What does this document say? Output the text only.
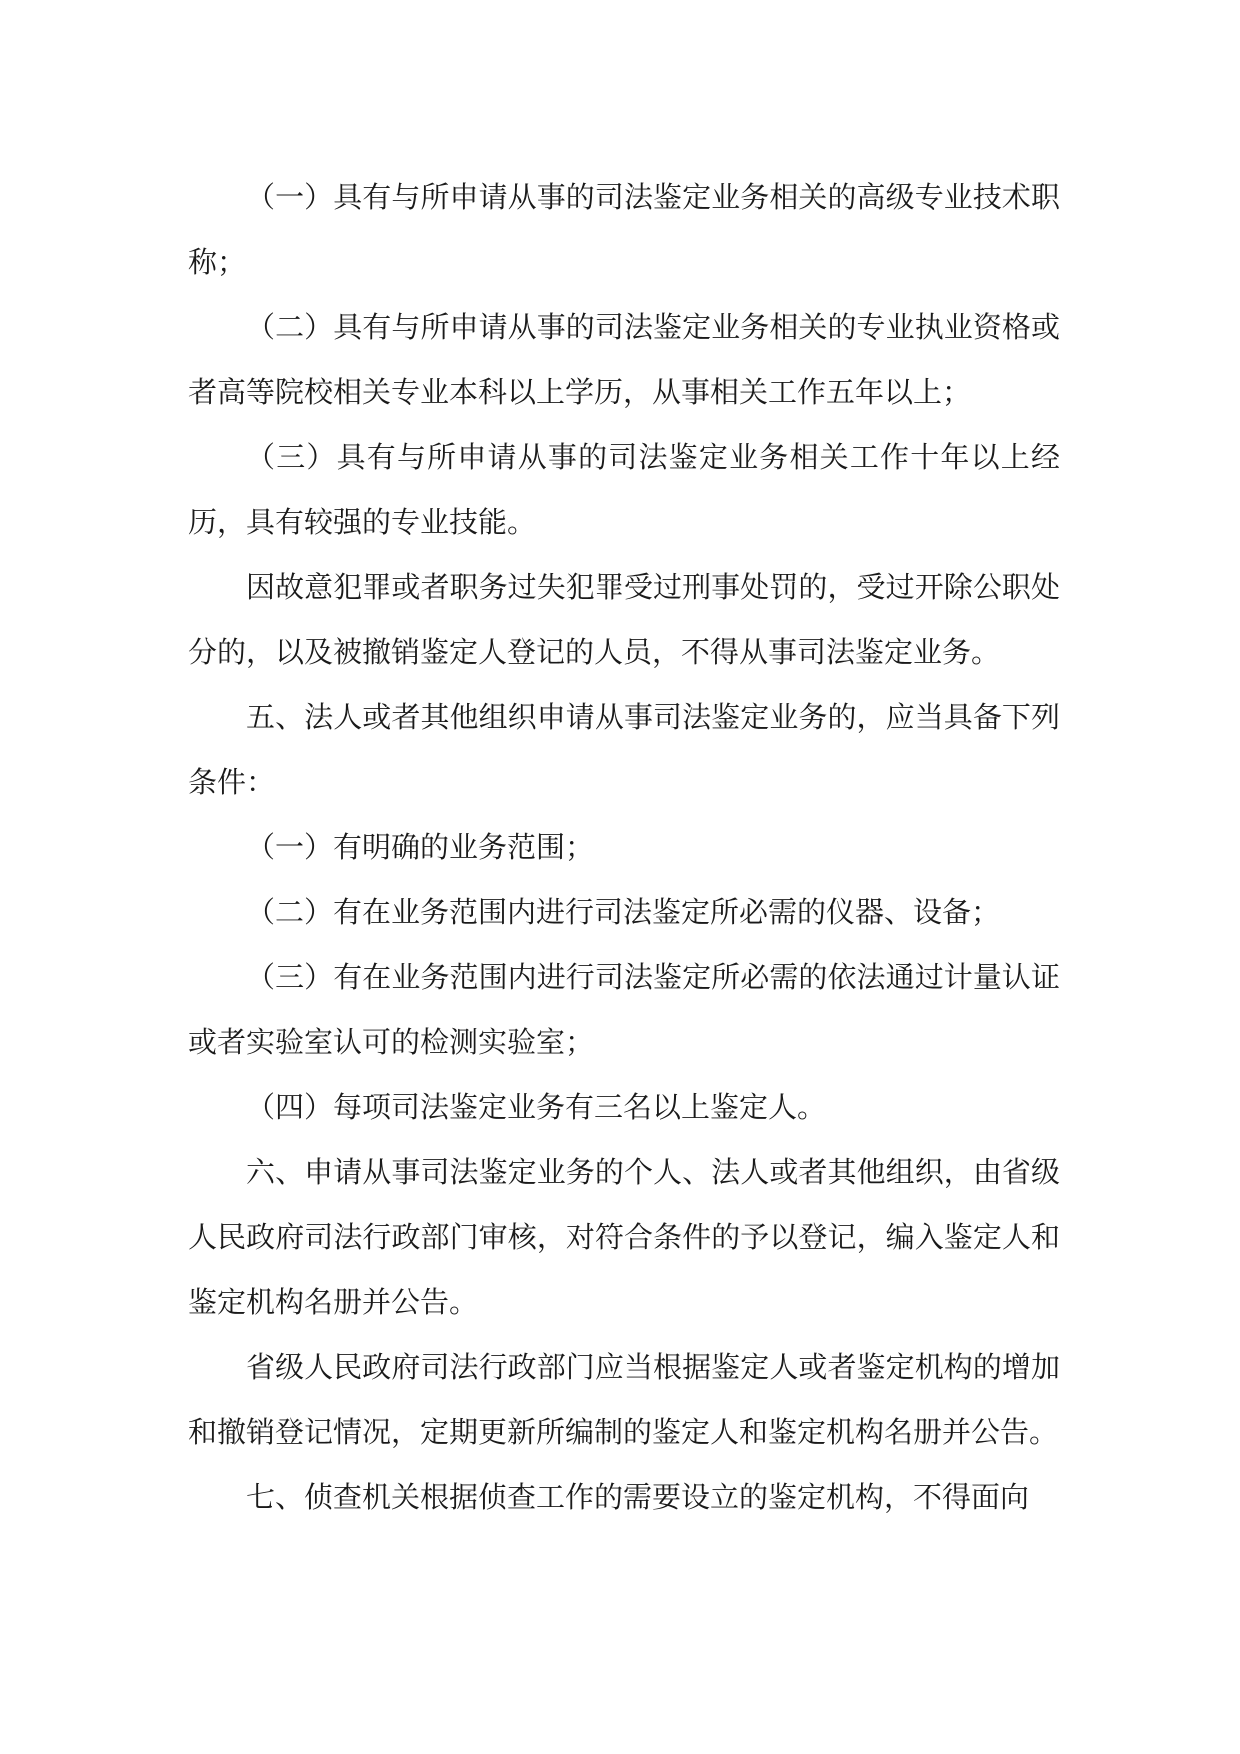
（一）具有与所申请从事的司法鉴定业务相关的高级专业技术职称；

（二）具有与所申请从事的司法鉴定业务相关的专业执业资格或者高等院校相关专业本科以上学历，从事相关工作五年以上；

（三）具有与所申请从事的司法鉴定业务相关工作十年以上经历，具有较强的专业技能。

因故意犯罪或者职务过失犯罪受过刑事处罚的，受过开除公职处分的，以及被撤销鉴定人登记的人员，不得从事司法鉴定业务。

五、法人或者其他组织申请从事司法鉴定业务的，应当具备下列条件：

（一）有明确的业务范围；

（二）有在业务范围内进行司法鉴定所必需的仪器、设备；

（三）有在业务范围内进行司法鉴定所必需的依法通过计量认证或者实验室认可的检测实验室；

（四）每项司法鉴定业务有三名以上鉴定人。

六、申请从事司法鉴定业务的个人、法人或者其他组织，由省级人民政府司法行政部门审核，对符合条件的予以登记，编入鉴定人和鉴定机构名册并公告。

省级人民政府司法行政部门应当根据鉴定人或者鉴定机构的增加和撤销登记情况，定期更新所编制的鉴定人和鉴定机构名册并公告。

七、侦查机关根据侦查工作的需要设立的鉴定机构，不得面向
